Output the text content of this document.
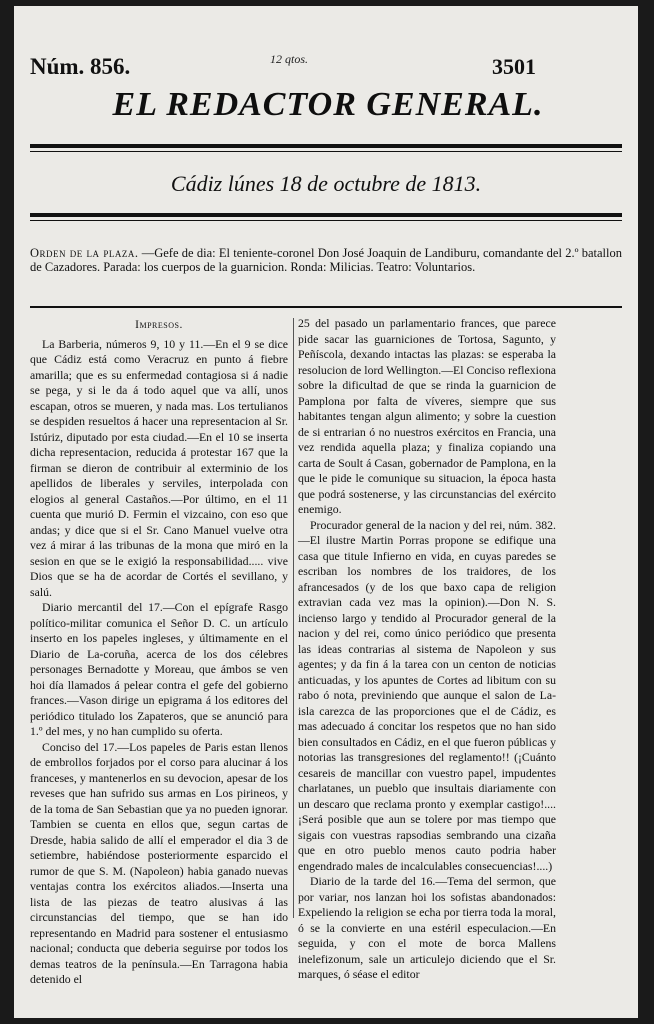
Núm. 856.	12 qtos.	3501
EL REDACTOR GENERAL.
Cádiz lúnes 18 de octubre de 1813.
Orden de la plaza. —Gefe de dia: El teniente-coronel Don José Joaquin de Landiburu, comandante del 2.º batallon de Cazadores. Parada: los cuerpos de la guarnicion. Ronda: Milicias. Teatro: Voluntarios.

Impresos.

La Barberia, números 9, 10 y 11.—En el 9 se dice que Cádiz está como Veracruz en punto á fiebre amarilla; que es su enfermedad contagiosa si á nadie se pega, y si le da á todo aquel que va allí, unos escapan, otros se mueren, y nada mas. Los tertulianos se despiden resueltos á hacer una representacion al Sr. Istúriz, diputado por esta ciudad.—En el 10 se inserta dicha representacion, reducida á protestar 167 que la firman se dieron de contribuir al exterminio de los apellidos de liberales y serviles, interpolada con elogios al general Castaños.—Por último, en el 11 cuenta que murió D. Fermin el vizcaino, con eso que andas; y dice que si el Sr. Cano Manuel vuelve otra vez á mirar á las tribunas de la mona que miró en la sesion en que se le exigió la responsabilidad..... vive Dios que se ha de acordar de Cortés el sevillano, y salú.

Diario mercantil del 17.—Con el epígrafe Rasgo político-militar comunica el Señor D. C. un artículo inserto en los papeles ingleses, y últimamente en el Diario de La-coruña, acerca de los dos célebres personages Bernadotte y Moreau, que ámbos se ven hoi día llamados á pelear contra el gefe del gobierno frances.—Vason dirige un epigrama á los editores del periódico titulado los Zapateros, que se anunció para 1.º del mes, y no han cumplido su oferta.

Conciso del 17.—Los papeles de Paris estan llenos de embrollos forjados por el corso para alucinar á los franceses, y mantenerlos en su devocion, apesar de los reveses que han sufrido sus armas en Los pirineos, y de la toma de San Sebastian que ya no pueden ignorar. Tambien se cuenta en ellos que, segun cartas de Dresde, habia salido de allí el emperador el dia 3 de setiembre, habiéndose posteriormente esparcido el rumor de que S. M. (Napoleon) habia ganado nuevas ventajas contra los exércitos aliados.—Inserta una lista de las piezas de teatro alusivas á las circunstancias del tiempo, que se han ido representando en Madrid para sostener el entusiasmo nacional; conducta que deberia seguirse por todos los demas teatros de la península.—En Tarragona habia detenido el

25 del pasado un parlamentario frances, que parece pide sacar las guarniciones de Tortosa, Sagunto, y Peñíscola, dexando intactas las plazas: se esperaba la resolucion de lord Wellington.—El Conciso reflexiona sobre la dificultad de que se rinda la guarnicion de Pamplona por falta de víveres, siempre que sus habitantes tengan algun alimento; y sobre la cuestion de si entrarian ó no nuestros exércitos en Francia, una vez rendida aquella plaza; y finaliza copiando una carta de Soult á Casan, gobernador de Pamplona, en la que le pide le comunique su situacion, la época hasta que podrá sostenerse, y las circunstancias del exército enemigo.

Procurador general de la nacion y del rei, núm. 382.—El ilustre Martin Porras propone se edifique una casa que titule Infierno en vida, en cuyas paredes se escriban los nombres de los traidores, de los afrancesados (y de los que baxo capa de religion extravian cada vez mas la opinion).—Don N. S. incienso largo y tendido al Procurador general de la nacion y del rei, como único periódico que presenta las ideas contrarias al sistema de Napoleon y sus agentes; y da fin á la tarea con un centon de noticias anticuadas, y los apuntes de Cortes ad libitum con su rabo ó nota, previniendo que aunque el salon de La-isla carezca de las proporciones que el de Cádiz, es mas adecuado á concitar los respetos que no han sido bien consultados en Cádiz, en el que fueron públicas y notorias las transgresiones del reglamento!! (¡Cuánto cesareis de mancillar con vuestro papel, impudentes charlatanes, un pueblo que insultais diariamente con un descaro que reclama pronto y exemplar castigo!.... ¡Será posible que aun se tolere por mas tiempo que sigais con vuestras rapsodias sembrando una cizaña que en otro pueblo menos cauto podria haber engendrado males de incalculables consecuencias!....)

Diario de la tarde del 16.—Tema del sermon, que por variar, nos lanzan hoi los sofistas abandonados: Expeliendo la religion se echa por tierra toda la moral, ó se la convierte en una estéril especulacion.—En seguida, y con el mote de borca Mallens inelefizonum, sale un articulejo diciendo que el Sr. marques, ó séase el editor
